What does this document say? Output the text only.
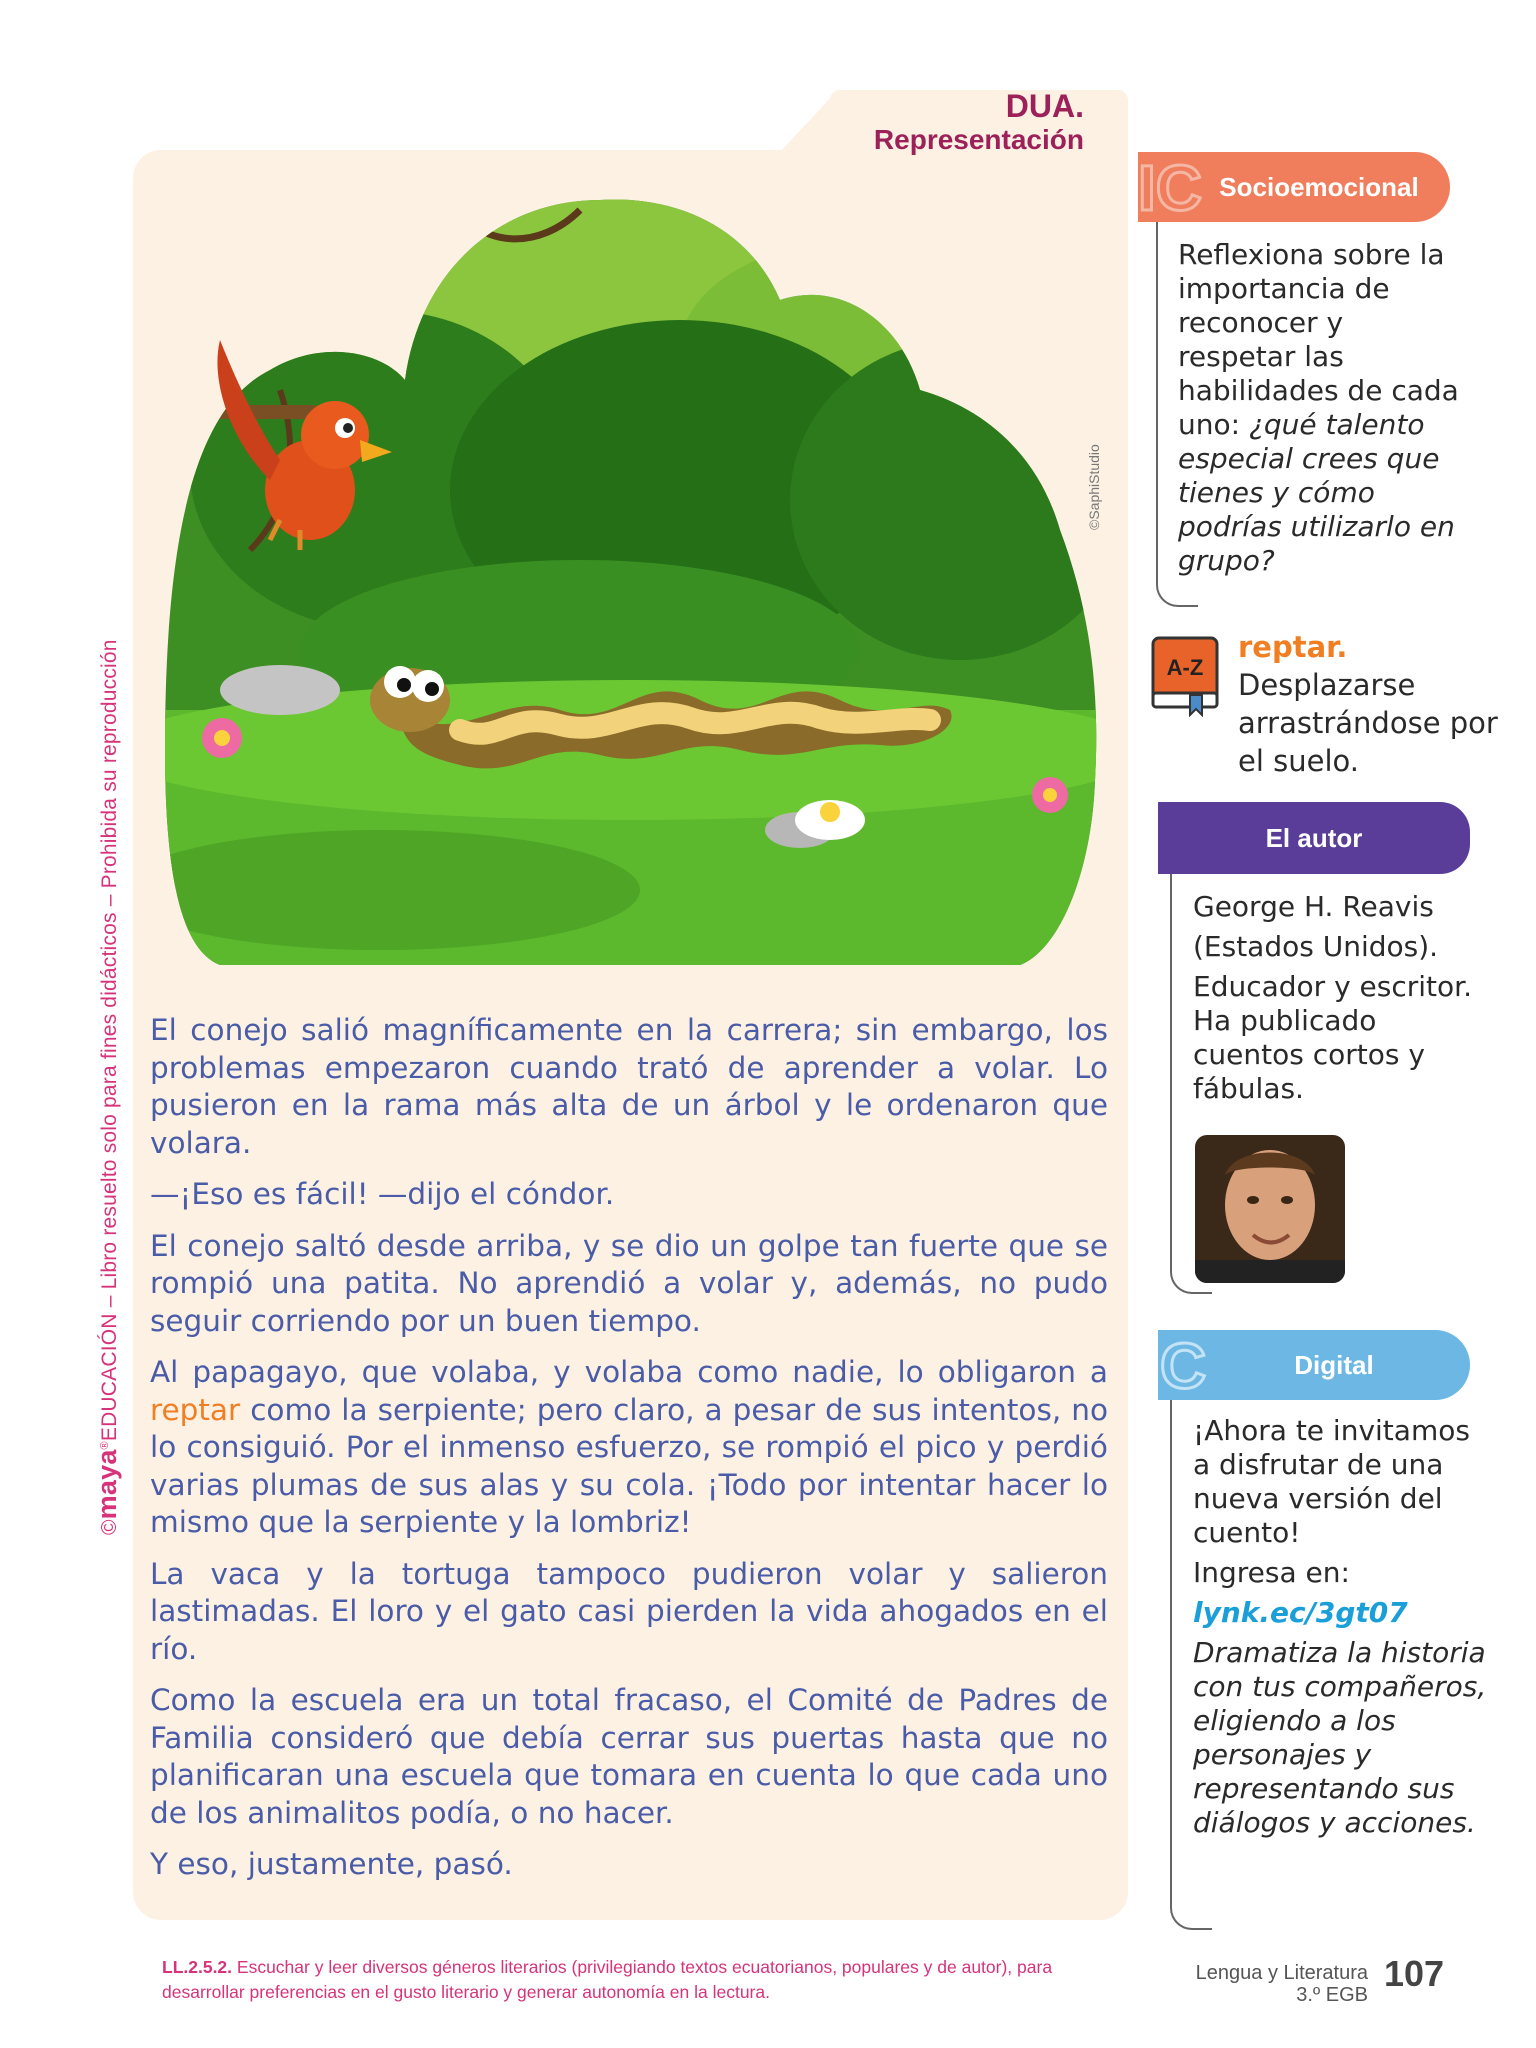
©maya®EDUCACIÓN – Libro resuelto solo para fines didácticos – Prohibida su reproducción
DUA.
Representación
©SaphiStudio

El conejo salió magníficamente en la carrera; sin embargo, los problemas empezaron cuando trató de aprender a volar. Lo pusieron en la rama más alta de un árbol y le ordenaron que volara.

—¡Eso es fácil! —dijo el cóndor.

El conejo saltó desde arriba, y se dio un golpe tan fuerte que se rompió una patita. No aprendió a volar y, además, no pudo seguir corriendo por un buen tiempo.

Al papagayo, que volaba, y volaba como nadie, lo obligaron a reptar como la serpiente; pero claro, a pesar de sus intentos, no lo consiguió. Por el inmenso esfuerzo, se rompió el pico y perdió varias plumas de sus alas y su cola. ¡Todo por intentar hacer lo mismo que la serpiente y la lombriz!

La vaca y la tortuga tampoco pudieron volar y salieron lastimadas. El loro y el gato casi pierden la vida ahogados en el río.

Como la escuela era un total fracaso, el Comité de Padres de Familia consideró que debía cerrar sus puertas hasta que no planificaran una escuela que tomara en cuenta lo que cada uno de los animalitos podía, o no hacer.

Y eso, justamente, pasó.

IC Socioemocional
Reflexiona sobre la importancia de reconocer y respetar las habilidades de cada uno: ¿qué talento especial crees que tienes y cómo podrías utilizarlo en grupo?
A-Z
reptar.
Desplazarse arrastrándose por el suelo.
El autor
George H. Reavis
(Estados Unidos).
Educador y escritor. Ha publicado cuentos cortos y fábulas.
C	Digital
¡Ahora te invitamos a disfrutar de una nueva versión del cuento!
Ingresa en:
lynk.ec/3gt07
Dramatiza la historia con tus compañeros, eligiendo a los personajes y representando sus diálogos y acciones.
LL.2.5.2. Escuchar y leer diversos géneros literarios (privilegiando textos ecuatorianos, populares y de autor), para desarrollar preferencias en el gusto literario y generar autonomía en la lectura.
Lengua y Literatura
3.º EGB
107
